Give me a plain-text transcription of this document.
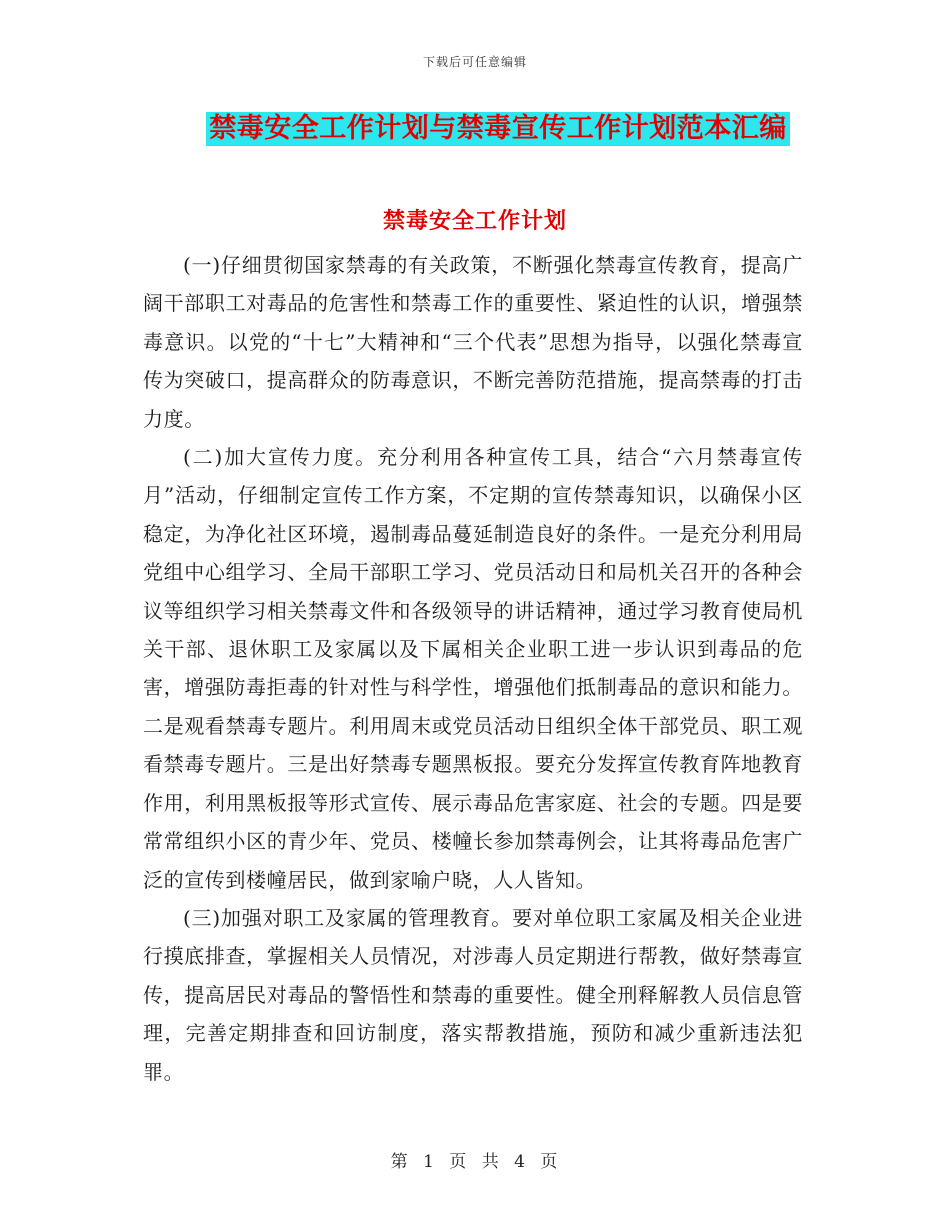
下载后可任意编辑
禁毒安全工作计划与禁毒宣传工作计划范本汇编
禁毒安全工作计划

(一)仔细贯彻国家禁毒的有关政策，不断强化禁毒宣传教育，提高广阔干部职工对毒品的危害性和禁毒工作的重要性、紧迫性的认识，增强禁毒意识。以党的“十七”大精神和“三个代表”思想为指导，以强化禁毒宣传为突破口，提高群众的防毒意识，不断完善防范措施，提高禁毒的打击力度。

(二)加大宣传力度。充分利用各种宣传工具，结合“六月禁毒宣传月”活动，仔细制定宣传工作方案，不定期的宣传禁毒知识，以确保小区稳定，为净化社区环境，遏制毒品蔓延制造良好的条件。一是充分利用局党组中心组学习、全局干部职工学习、党员活动日和局机关召开的各种会议等组织学习相关禁毒文件和各级领导的讲话精神，通过学习教育使局机关干部、退休职工及家属以及下属相关企业职工进一步认识到毒品的危害，增强防毒拒毒的针对性与科学性，增强他们抵制毒品的意识和能力。二是观看禁毒专题片。利用周末或党员活动日组织全体干部党员、职工观看禁毒专题片。三是出好禁毒专题黑板报。要充分发挥宣传教育阵地教育作用，利用黑板报等形式宣传、展示毒品危害家庭、社会的专题。四是要常常组织小区的青少年、党员、楼幢长参加禁毒例会，让其将毒品危害广泛的宣传到楼幢居民，做到家喻户晓，人人皆知。

(三)加强对职工及家属的管理教育。要对单位职工家属及相关企业进行摸底排查，掌握相关人员情况，对涉毒人员定期进行帮教，做好禁毒宣传，提高居民对毒品的警悟性和禁毒的重要性。健全刑释解教人员信息管理，完善定期排查和回访制度，落实帮教措施，预防和减少重新违法犯罪。

第 1 页 共 4 页
